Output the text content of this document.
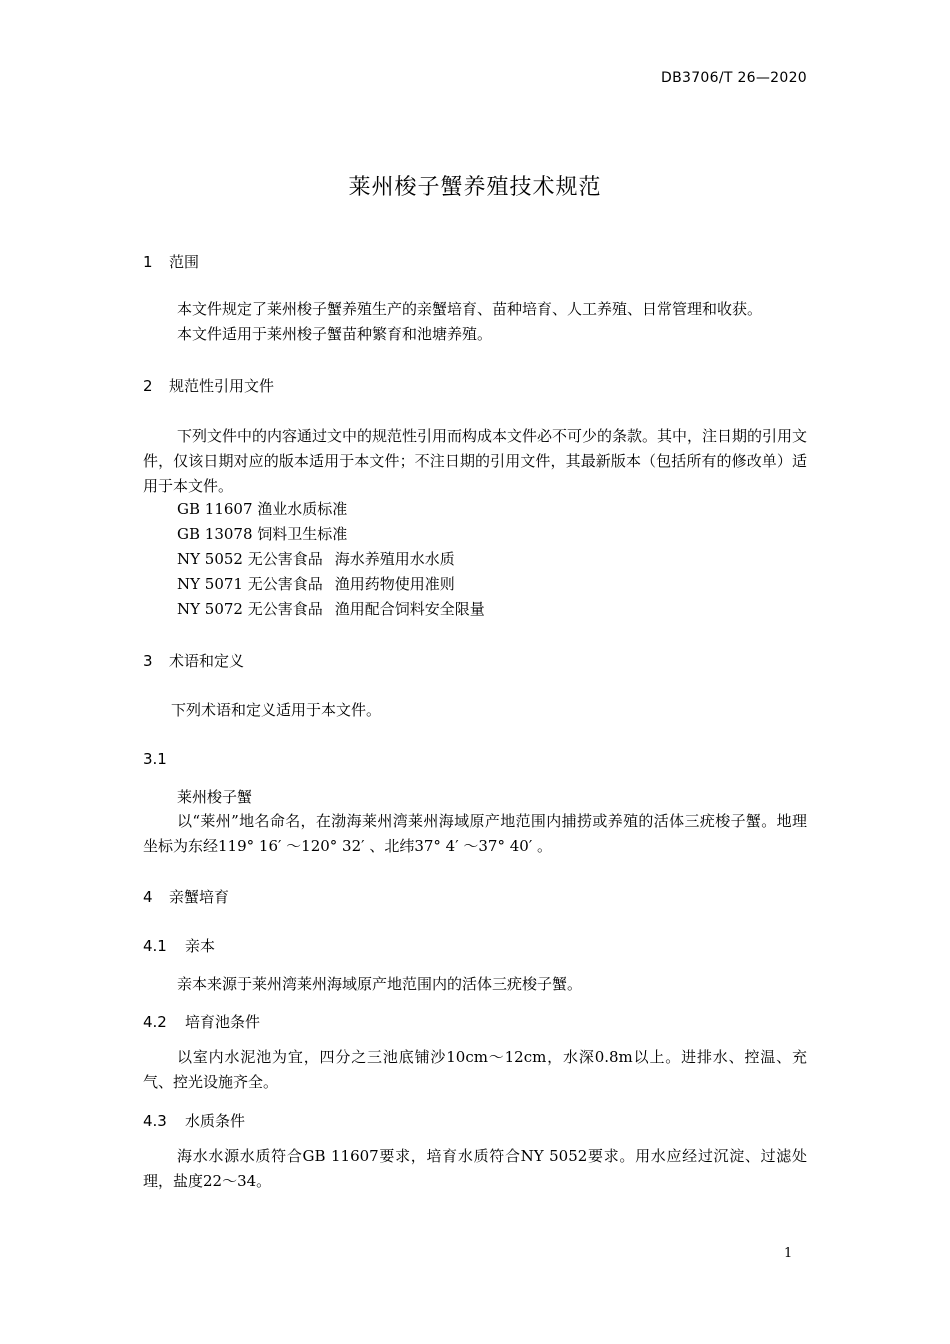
DB3706/T 26—2020
莱州梭子蟹养殖技术规范
1 范围
本文件规定了莱州梭子蟹养殖生产的亲蟹培育、苗种培育、人工养殖、日常管理和收获。
本文件适用于莱州梭子蟹苗种繁育和池塘养殖。
2 规范性引用文件
下列文件中的内容通过文中的规范性引用而构成本文件必不可少的条款。其中，注日期的引用文件，仅该日期对应的版本适用于本文件；不注日期的引用文件，其最新版本（包括所有的修改单）适用于本文件。
GB 11607 渔业水质标准
GB 13078 饲料卫生标准
NY 5052 无公害食品 海水养殖用水水质
NY 5071 无公害食品 渔用药物使用准则
NY 5072 无公害食品 渔用配合饲料安全限量
3 术语和定义
下列术语和定义适用于本文件。
3.1
莱州梭子蟹
以“莱州”地名命名，在渤海莱州湾莱州海域原产地范围内捕捞或养殖的活体三疣梭子蟹。地理坐标为东经119° 16′ ～120° 32′ 、北纬37° 4′ ～37° 40′ 。
4 亲蟹培育
4.1 亲本
亲本来源于莱州湾莱州海域原产地范围内的活体三疣梭子蟹。
4.2 培育池条件
以室内水泥池为宜，四分之三池底铺沙10cm～12cm，水深0.8m以上。进排水、控温、充气、控光设施齐全。
4.3 水质条件
海水水源水质符合GB 11607要求，培育水质符合NY 5052要求。用水应经过沉淀、过滤处理，盐度22～34。
1
